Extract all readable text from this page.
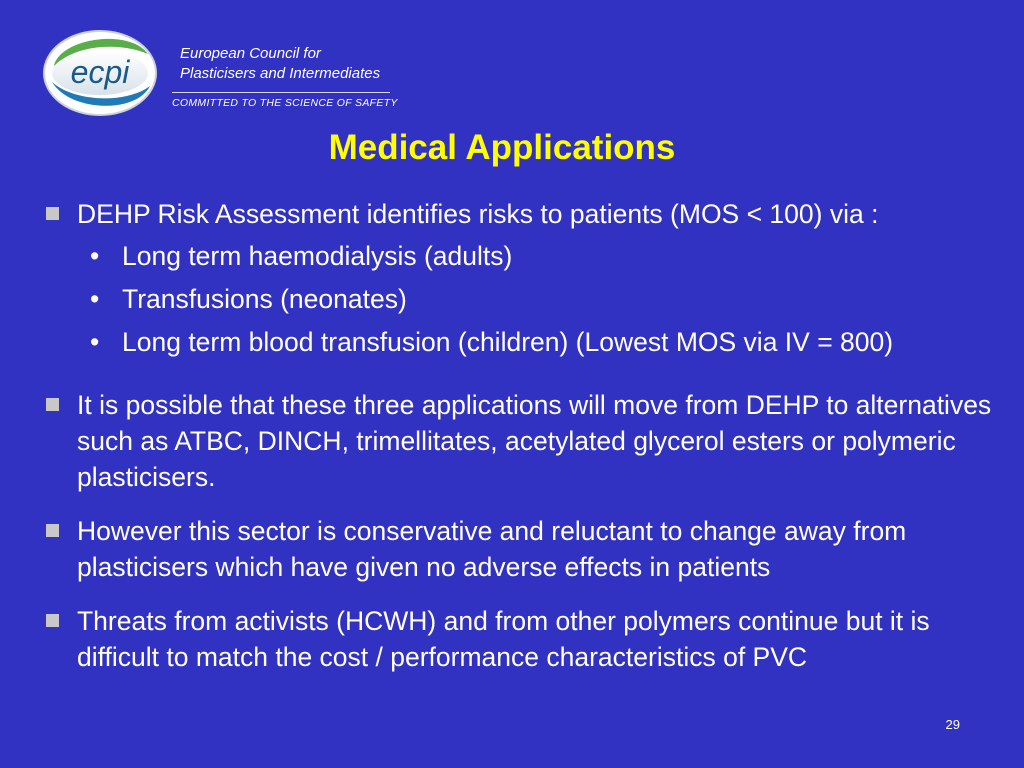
ecpi
European Council for
Plasticisers and Intermediates
COMMITTED TO THE SCIENCE OF SAFETY
Medical Applications
DEHP Risk Assessment identifies risks to patients (MOS < 100) via :
• Long term haemodialysis (adults)
• Transfusions (neonates)
• Long term blood transfusion (children) (Lowest MOS via IV = 800)
It is possible that these three applications will move from DEHP to alternatives such as ATBC, DINCH, trimellitates, acetylated glycerol esters or polymeric plasticisers.
However this sector is conservative and reluctant to change away from plasticisers which have given no adverse effects in patients
Threats from activists (HCWH) and from other polymers continue but it is difficult to match the cost / performance characteristics of PVC
29
